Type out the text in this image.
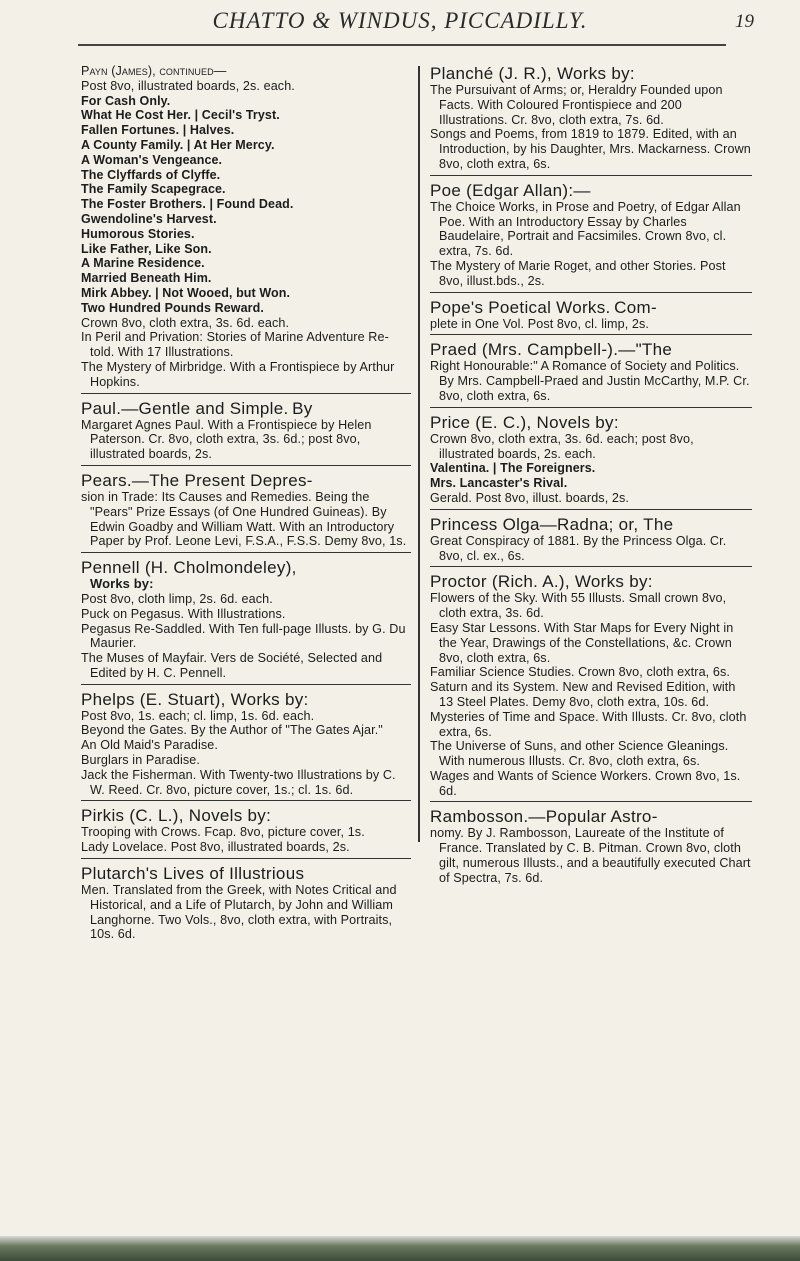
CHATTO & WINDUS, PICCADILLY.	19
Payn (James), continued—
Post 8vo, illustrated boards, 2s. each.
For Cash Only.
What He Cost Her. | Cecil's Tryst.
Fallen Fortunes. | Halves.
A County Family. | At Her Mercy.
A Woman's Vengeance.
The Clyffards of Clyffe.
The Family Scapegrace.
The Foster Brothers. | Found Dead.
Gwendoline's Harvest.
Humorous Stories.
Like Father, Like Son.
A Marine Residence.
Married Beneath Him.
Mirk Abbey. | Not Wooed, but Won.
Two Hundred Pounds Reward.
Crown 8vo, cloth extra, 3s. 6d. each.
In Peril and Privation: Stories of Marine Adventure Re-told. With 17 Illustrations.
The Mystery of Mirbridge. With a Frontispiece by Arthur Hopkins.
Paul.—Gentle and Simple. By
Margaret Agnes Paul. With a Frontispiece by Helen Paterson. Cr. 8vo, cloth extra, 3s. 6d.; post 8vo, illustrated boards, 2s.
Pears.—The Present Depres-
sion in Trade: Its Causes and Remedies. Being the "Pears" Prize Essays (of One Hundred Guineas). By Edwin Goadby and William Watt. With an Introductory Paper by Prof. Leone Levi, F.S.A., F.S.S. Demy 8vo, 1s.
Pennell (H. Cholmondeley),
Works by:
Post 8vo, cloth limp, 2s. 6d. each.
Puck on Pegasus. With Illustrations.
Pegasus Re-Saddled. With Ten full-page Illusts. by G. Du Maurier.
The Muses of Mayfair. Vers de Société, Selected and Edited by H. C. Pennell.
Phelps (E. Stuart), Works by:
Post 8vo, 1s. each; cl. limp, 1s. 6d. each.
Beyond the Gates. By the Author of "The Gates Ajar."
An Old Maid's Paradise.
Burglars in Paradise.
Jack the Fisherman. With Twenty-two Illustrations by C. W. Reed. Cr. 8vo, picture cover, 1s.; cl. 1s. 6d.
Pirkis (C. L.), Novels by:
Trooping with Crows. Fcap. 8vo, picture cover, 1s.
Lady Lovelace. Post 8vo, illustrated boards, 2s.
Plutarch's Lives of Illustrious
Men. Translated from the Greek, with Notes Critical and Historical, and a Life of Plutarch, by John and William Langhorne. Two Vols., 8vo, cloth extra, with Portraits, 10s. 6d.
Planché (J. R.), Works by:
The Pursuivant of Arms; or, Heraldry Founded upon Facts. With Coloured Frontispiece and 200 Illustrations. Cr. 8vo, cloth extra, 7s. 6d.
Songs and Poems, from 1819 to 1879. Edited, with an Introduction, by his Daughter, Mrs. Mackarness. Crown 8vo, cloth extra, 6s.
Poe (Edgar Allan):—
The Choice Works, in Prose and Poetry, of Edgar Allan Poe. With an Introductory Essay by Charles Baudelaire, Portrait and Facsimiles. Crown 8vo, cl. extra, 7s. 6d.
The Mystery of Marie Roget, and other Stories. Post 8vo, illust.bds., 2s.
Pope's Poetical Works. Com-
plete in One Vol. Post 8vo, cl. limp, 2s.
Praed (Mrs. Campbell-).—"The
Right Honourable:" A Romance of Society and Politics. By Mrs. Campbell-Praed and Justin McCarthy, M.P. Cr. 8vo, cloth extra, 6s.
Price (E. C.), Novels by:
Crown 8vo, cloth extra, 3s. 6d. each; post 8vo, illustrated boards, 2s. each.
Valentina. | The Foreigners.
Mrs. Lancaster's Rival.
Gerald. Post 8vo, illust. boards, 2s.
Princess Olga—Radna; or, The
Great Conspiracy of 1881. By the Princess Olga. Cr. 8vo, cl. ex., 6s.
Proctor (Rich. A.), Works by:
Flowers of the Sky. With 55 Illusts. Small crown 8vo, cloth extra, 3s. 6d.
Easy Star Lessons. With Star Maps for Every Night in the Year, Drawings of the Constellations, &c. Crown 8vo, cloth extra, 6s.
Familiar Science Studies. Crown 8vo, cloth extra, 6s.
Saturn and its System. New and Revised Edition, with 13 Steel Plates. Demy 8vo, cloth extra, 10s. 6d.
Mysteries of Time and Space. With Illusts. Cr. 8vo, cloth extra, 6s.
The Universe of Suns, and other Science Gleanings. With numerous Illusts. Cr. 8vo, cloth extra, 6s.
Wages and Wants of Science Workers. Crown 8vo, 1s. 6d.
Rambosson.—Popular Astro-
nomy. By J. Rambosson, Laureate of the Institute of France. Translated by C. B. Pitman. Crown 8vo, cloth gilt, numerous Illusts., and a beautifully executed Chart of Spectra, 7s. 6d.
